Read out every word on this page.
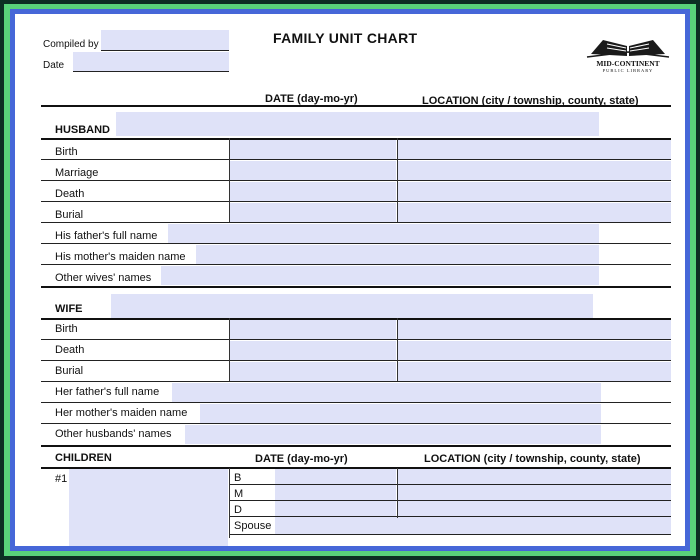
Compiled by
Date
FAMILY UNIT CHART
MID-CONTINENT
PUBLIC LIBRARY
DATE (day-mo-yr)	LOCATION (city / township, county, state)
HUSBAND
Birth
Marriage
Death
Burial
His father's full name
His mother's maiden name
Other wives' names
WIFE
Birth
Death
Burial
Her father's full name
Her mother's maiden name
Other husbands' names
CHILDREN	DATE (day-mo-yr)	LOCATION (city / township, county, state)
#1	B
M
D
Spouse
